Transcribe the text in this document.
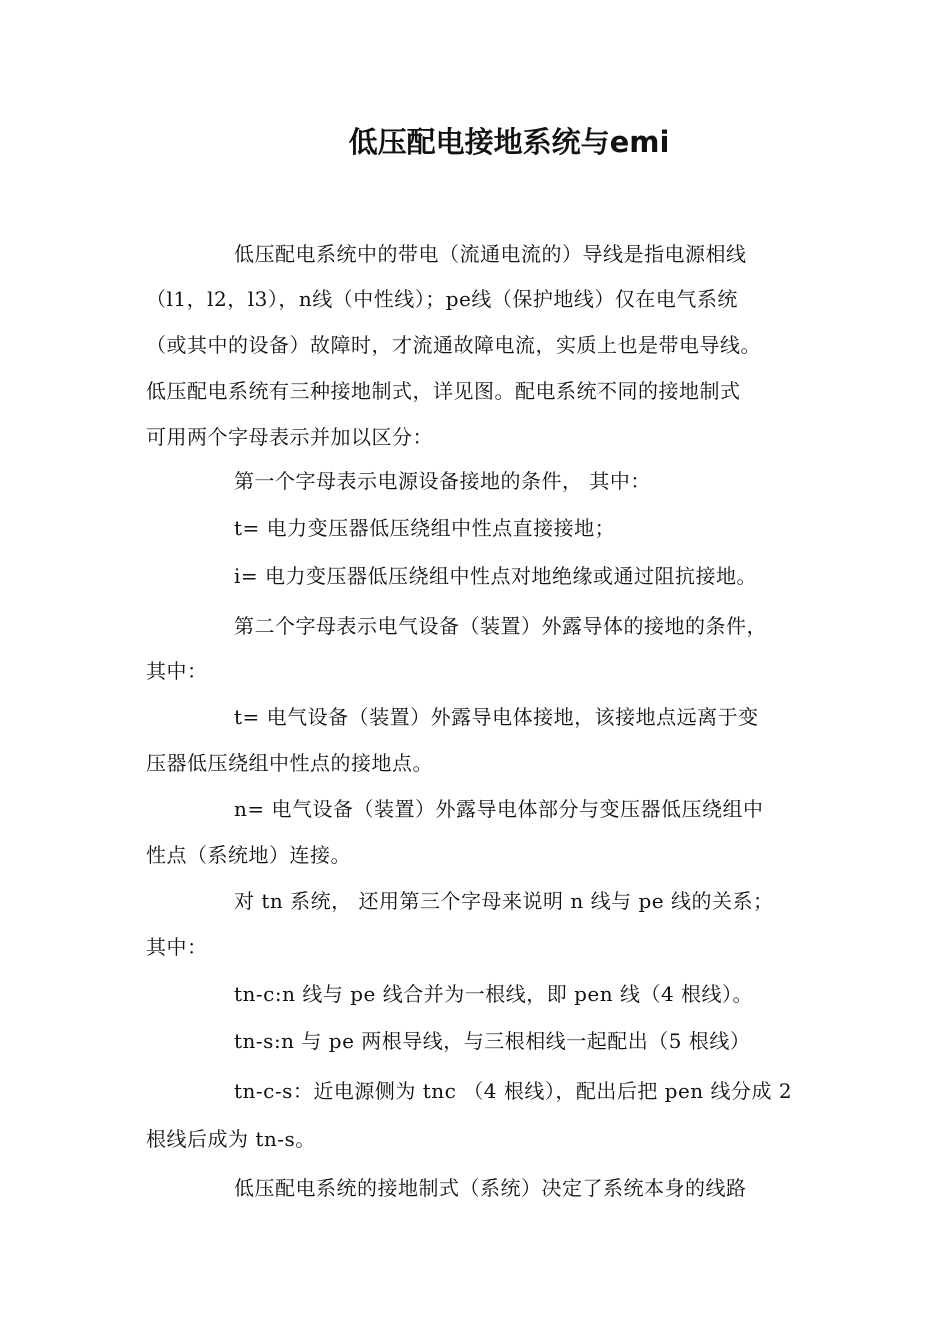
低压配电接地系统与emi
低压配电系统中的带电（流通电流的）导线是指电源相线
（l1，l2，l3），n线（中性线）；pe线（保护地线）仅在电气系统
（或其中的设备）故障时，才流通故障电流，实质上也是带电导线。
低压配电系统有三种接地制式，详见图。配电系统不同的接地制式
可用两个字母表示并加以区分：
第一个字母表示电源设备接地的条件， 其中：
t= 电力变压器低压绕组中性点直接接地；
i= 电力变压器低压绕组中性点对地绝缘或通过阻抗接地。
第二个字母表示电气设备（装置）外露导体的接地的条件，
其中：
t= 电气设备（装置）外露导电体接地，该接地点远离于变
压器低压绕组中性点的接地点。
n= 电气设备（装置）外露导电体部分与变压器低压绕组中
性点（系统地）连接。
对 tn 系统， 还用第三个字母来说明 n 线与 pe 线的关系；
其中：
tn-c:n 线与 pe 线合并为一根线，即 pen 线（4 根线）。
tn-s:n 与 pe 两根导线，与三根相线一起配出（5 根线）
tn-c-s：近电源侧为 tnc （4 根线），配出后把 pen 线分成 2
根线后成为 tn-s。
低压配电系统的接地制式（系统）决定了系统本身的线路
